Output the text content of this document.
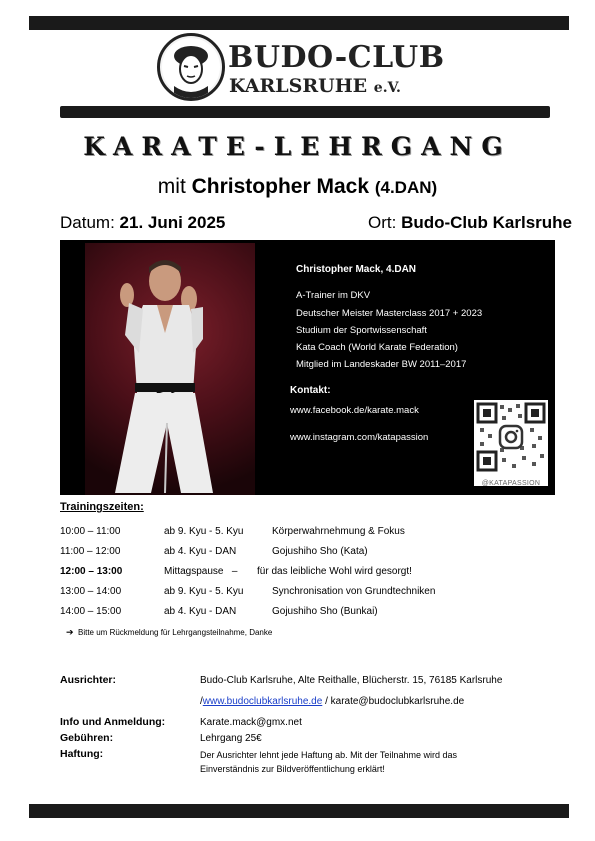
BUDO-CLUB
KARLSRUHE e.V.
KARATE-LEHRGANG
mit Christopher Mack (4.DAN)
Datum: 21. Juni 2025	Ort: Budo-Club Karlsruhe
Christopher Mack, 4.DAN
A-Trainer im DKV
Deutscher Meister Masterclass 2017 + 2023
Studium der Sportwissenschaft
Kata Coach (World Karate Federation)
Mitglied im Landeskader BW 2011–2017
Kontakt:
www.facebook.de/karate.mack
www.instagram.com/katapassion
@KATAPASSION
Trainingszeiten:
10:00 – 11:00	ab 9. Kyu - 5. Kyu	Körperwahrnehmung & Fokus
11:00 – 12:00	ab 4. Kyu - DAN	Gojushiho Sho (Kata)
12:00 – 13:00	Mittagspause   – für das leibliche Wohl wird gesorgt!
13:00 – 14:00	ab 9. Kyu - 5. Kyu	Synchronisation von Grundtechniken
14:00 – 15:00	ab 4. Kyu - DAN	Gojushiho Sho (Bunkai)
➔ Bitte um Rückmeldung für Lehrgangsteilnahme, Danke
Ausrichter:	Budo-Club Karlsruhe, Alte Reithalle, Blücherstr. 15, 76185 Karlsruhe
/www.budoclubkarlsruhe.de / karate@budoclubkarlsruhe.de
Info und Anmeldung:	Karate.mack@gmx.net
Gebühren:	Lehrgang 25€
Haftung:	Der Ausrichter lehnt jede Haftung ab. Mit der Teilnahme wird das
Einverständnis zur Bildveröffentlichung erklärt!
